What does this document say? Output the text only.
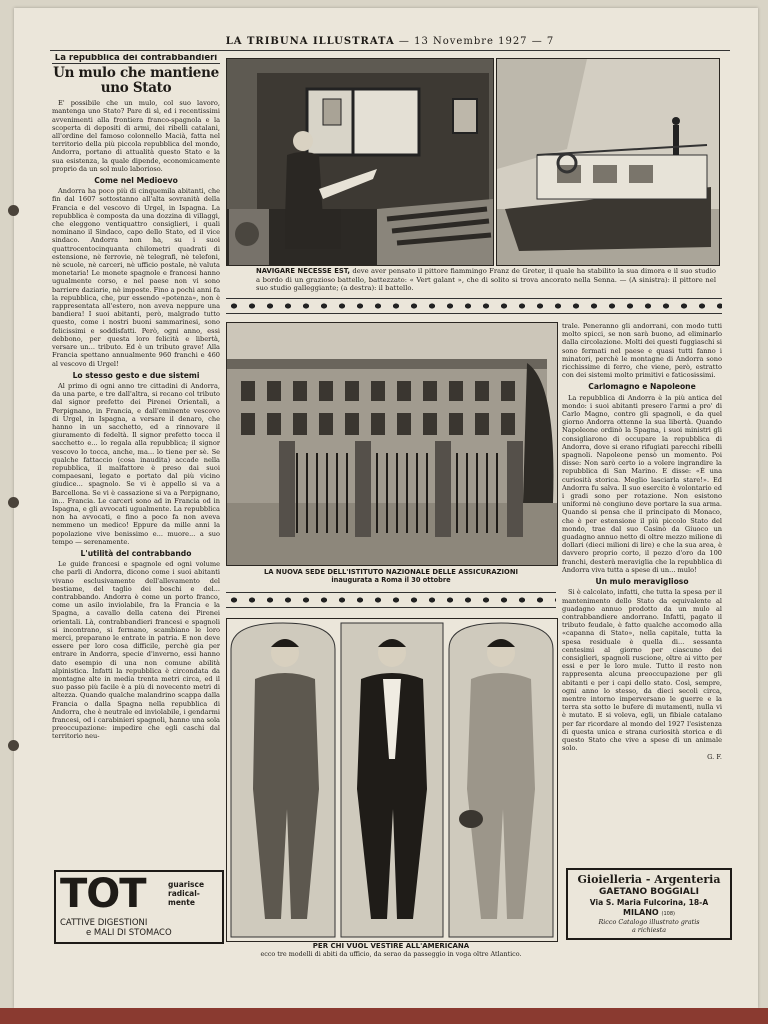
LA TRIBUNA ILLUSTRATA — 13 Novembre 1927 — 7
La repubblica dei contrabbandieri
Un mulo che mantiene uno Stato

E' possibile che un mulo, col suo lavoro, mantenga uno Stato? Pare di sì, ed i recentissimi avvenimenti alla frontiera franco-spagnola e la scoperta di depositi di armi, dei ribelli catalani, all'ordine del famoso colonnello Macià, fatta nel territorio della più piccola repubblica del mondo, Andorra, portano di attualità questo Stato e la sua esistenza, la quale dipende, economicamente proprio da un sol mulo laborioso.

Come nel Medioevo

Andorra ha poco più di cinquemila abitanti, che fin dal 1607 sottostanno all'alta sovranità della Francia e del vescovo di Urgel, in Ispagna. La repubblica è composta da una dozzina di villaggi, che eleggono ventiquattro consiglieri, i quali nominano il Sindaco, capo dello Stato, ed il vice sindaco. Andorra non ha, su i suoi quattrocentocinquanta chilometri quadrati di estensione, nè ferrovie, nè telegrafi, nè telefoni, nè scuole, nè carceri, nè ufficio postale, nè valuta monetaria! Le monete spagnole e francesi hanno ugualmente corso, e nel paese non vi sono barriere daziarie, nè imposte. Fino a pochi anni fa la repubblica, che, pur essendo «potenza», non è rappresentata all'estero, non aveva neppure una bandiera! I suoi abitanti, però, malgrado tutto questo, come i nostri buoni sammarinesi, sono felicissimi e soddisfatti. Però, ogni anno, essi debbono, per questa loro felicità e libertà, versare un... tributo. Ed è un tributo grave! Alla Francia spettano annualmente 960 franchi e 460 al vescovo di Urgel!

Lo stesso gesto e due sistemi

Al primo di ogni anno tre cittadini di Andorra, da una parte, e tre dall'altra, si recano col tributo dal signor prefetto dei Pirenei Orientali, a Perpignano, in Francia, e dall'eminente vescovo di Urgel, in Ispagna, a versare il denaro, che hanno in un sacchetto, ed a rinnovare il giuramento di fedeltà. Il signor prefetto tocca il sacchetto e... lo regala alla repubblica; il signor vescovo lo tocca, anche, ma... lo tiene per sè. Se qualche fattaccio (cosa inaudita) accade nella repubblica, il malfattore è preso dai suoi compaesani, legato e portato dal più vicino giudice... spagnolo. Se vi è appello si va a Barcellona. Se vi è cassazione si va a Perpignano, in... Francia. Le carceri sono ad in Francia od in Ispagna, e gli avvocati ugualmente. La repubblica non ha avvocati, e fino a poco fa non aveva nemmeno un medico! Eppure da mille anni la popolazione vive benissimo e... muore... a suo tempo — serenamente.

L'utilità del contrabbando

Le guide francesi e spagnole ed ogni volume che parli di Andorra, dicono come i suoi abitanti vivano esclusivamente dell'allevamento del bestiame, del taglio dei boschi e del... contrabbando. Andorra è come un porto franco, come un asilo inviolabile, fra la Francia e la Spagna, a cavallo della catena dei Pirenei orientali. Là, contrabbandieri francesi e spagnoli si incontrano, si fermano, scambiano le loro merci, preparano le entrate in patria. E non deve essere per loro cosa difficile, perchè gia per entrare in Andorra, specie d'inverno, essi hanno dato esempio di una non comune abilità alpinistica. Infatti la repubblica è circondata da montagne alte in media trenta metri circa, ed il suo passo più facile è a più di novecento metri di altezza. Quando qualche malandrino scappa dalla Francia o dalla Spagna nella repubblica di Andorra, che è neutrale ed inviolabile, i gendarmi francesi, od i carabinieri spagnoli, hanno una sola preoccupazione: impedire che egli caschi dal territorio neu-

NAVIGARE NECESSE EST, deve aver pensato il pittore fiammingo Franz de Greter, il quale ha stabilito la sua dimora e il suo studio a bordo di un grazioso battello, battezzato: « Vert galant », che di solito si trova ancorato nella Senna. — (A sinistra): il pittore nel suo studio galleggiante; (a destra): il battello.
LA NUOVA SEDE DELL'ISTITUTO NAZIONALE DELLE ASSICURAZIONI
inaugurata a Roma il 30 ottobre

trale. Peneranno gli andorrani, con modo tutti molto spicci, se non sarà buono, ad eliminarlo dalla circolazione. Molti dei questi fuggiaschi si sono fermati nel paese e quasi tutti fanno i minatori, perchè le montagne di Andorra sono ricchissime di ferro, che viene, però, estratto con dei sistemi molto primitivi e faticosissimi.

Carlomagno e Napoleone

La repubblica di Andorra è la più antica del mondo: i suoi abitanti presero l'armi a pro' di Carlo Magno, contro gli spagnoli, e da quel giorno Andorra ottenne la sua libertà. Quando Napoleone ordinò la Spagna, i suoi ministri gli consigliarono di occupare la repubblica di Andorra, dove si erano rifugiati parecchi ribelli spagnoli. Napoleone pensò un momento. Poi disse: Non sarò certo io a volere ingrandire la repubblica di San Marino. E disse: «È una curiosità storica. Meglio lasciarla stare!». Ed Andorra fu salva. Il suo esercito è volontario ed i gradi sono per rotazione. Non esistono uniformi nè congiuno deve portare la sua arma. Quando si pensa che il principato di Monaco, che è per estensione il più piccolo Stato del mondo, trae dal suo Casinò da Giuoco un guadagno annuo netto di oltre mezzo milione di dollari (dieci milioni di lire) e che la sua area, è davvero proprio corto, il pezzo d'oro da 100 franchi, desterà meraviglia che la repubblica di Andorra viva tutta a spese di un... mulo!

Un mulo meraviglioso

Si è calcolato, infatti, che tutta la spesa per il mantenimento dello Stato da equivalente al guadagno annuo prodotto da un mulo al contrabbandiere andorrano. Infatti, pagato il tributo feudale, è fatto qualche accomodo alla «capanna di Stato», nella capitale, tutta la spesa residuale è quella di... sessanta centesimi al giorno per ciascuno dei consiglieri, spagnoli ruscione, oltre ai vitto per essi e per le loro mule. Tutto il resto non rappresenta alcuna preoccupazione per gli abitanti e per i capi dello stato. Così, sempre, ogni anno lo stesso, da dieci secoli circa, mentre intorno imperversano le guerre e la terra sta sotto le bufere di mutamenti, nulla vi è mutato. E si voleva, egli, un fibiale catalano per far ricordare al mondo del 1927 l'esistenza di questa unica e strana curiosità storica e di questo Stato che vive a spese di un animale solo.

G. F.
PER CHI VUOL VESTIRE ALL'AMERICANA
ecco tre modelli di abiti da ufficio, da serao da passeggio in voga oltre Atlantico.
TOT	guarisce radical-mente
CATTIVE DIGESTIONI
e MALI DI STOMACO
Gioielleria - Argenteria
GAETANO BOGGIALI
Via S. Maria Fulcorina, 18-A
MILANO (108)
Ricco Catalogo illustrato gratis
a richiesta
